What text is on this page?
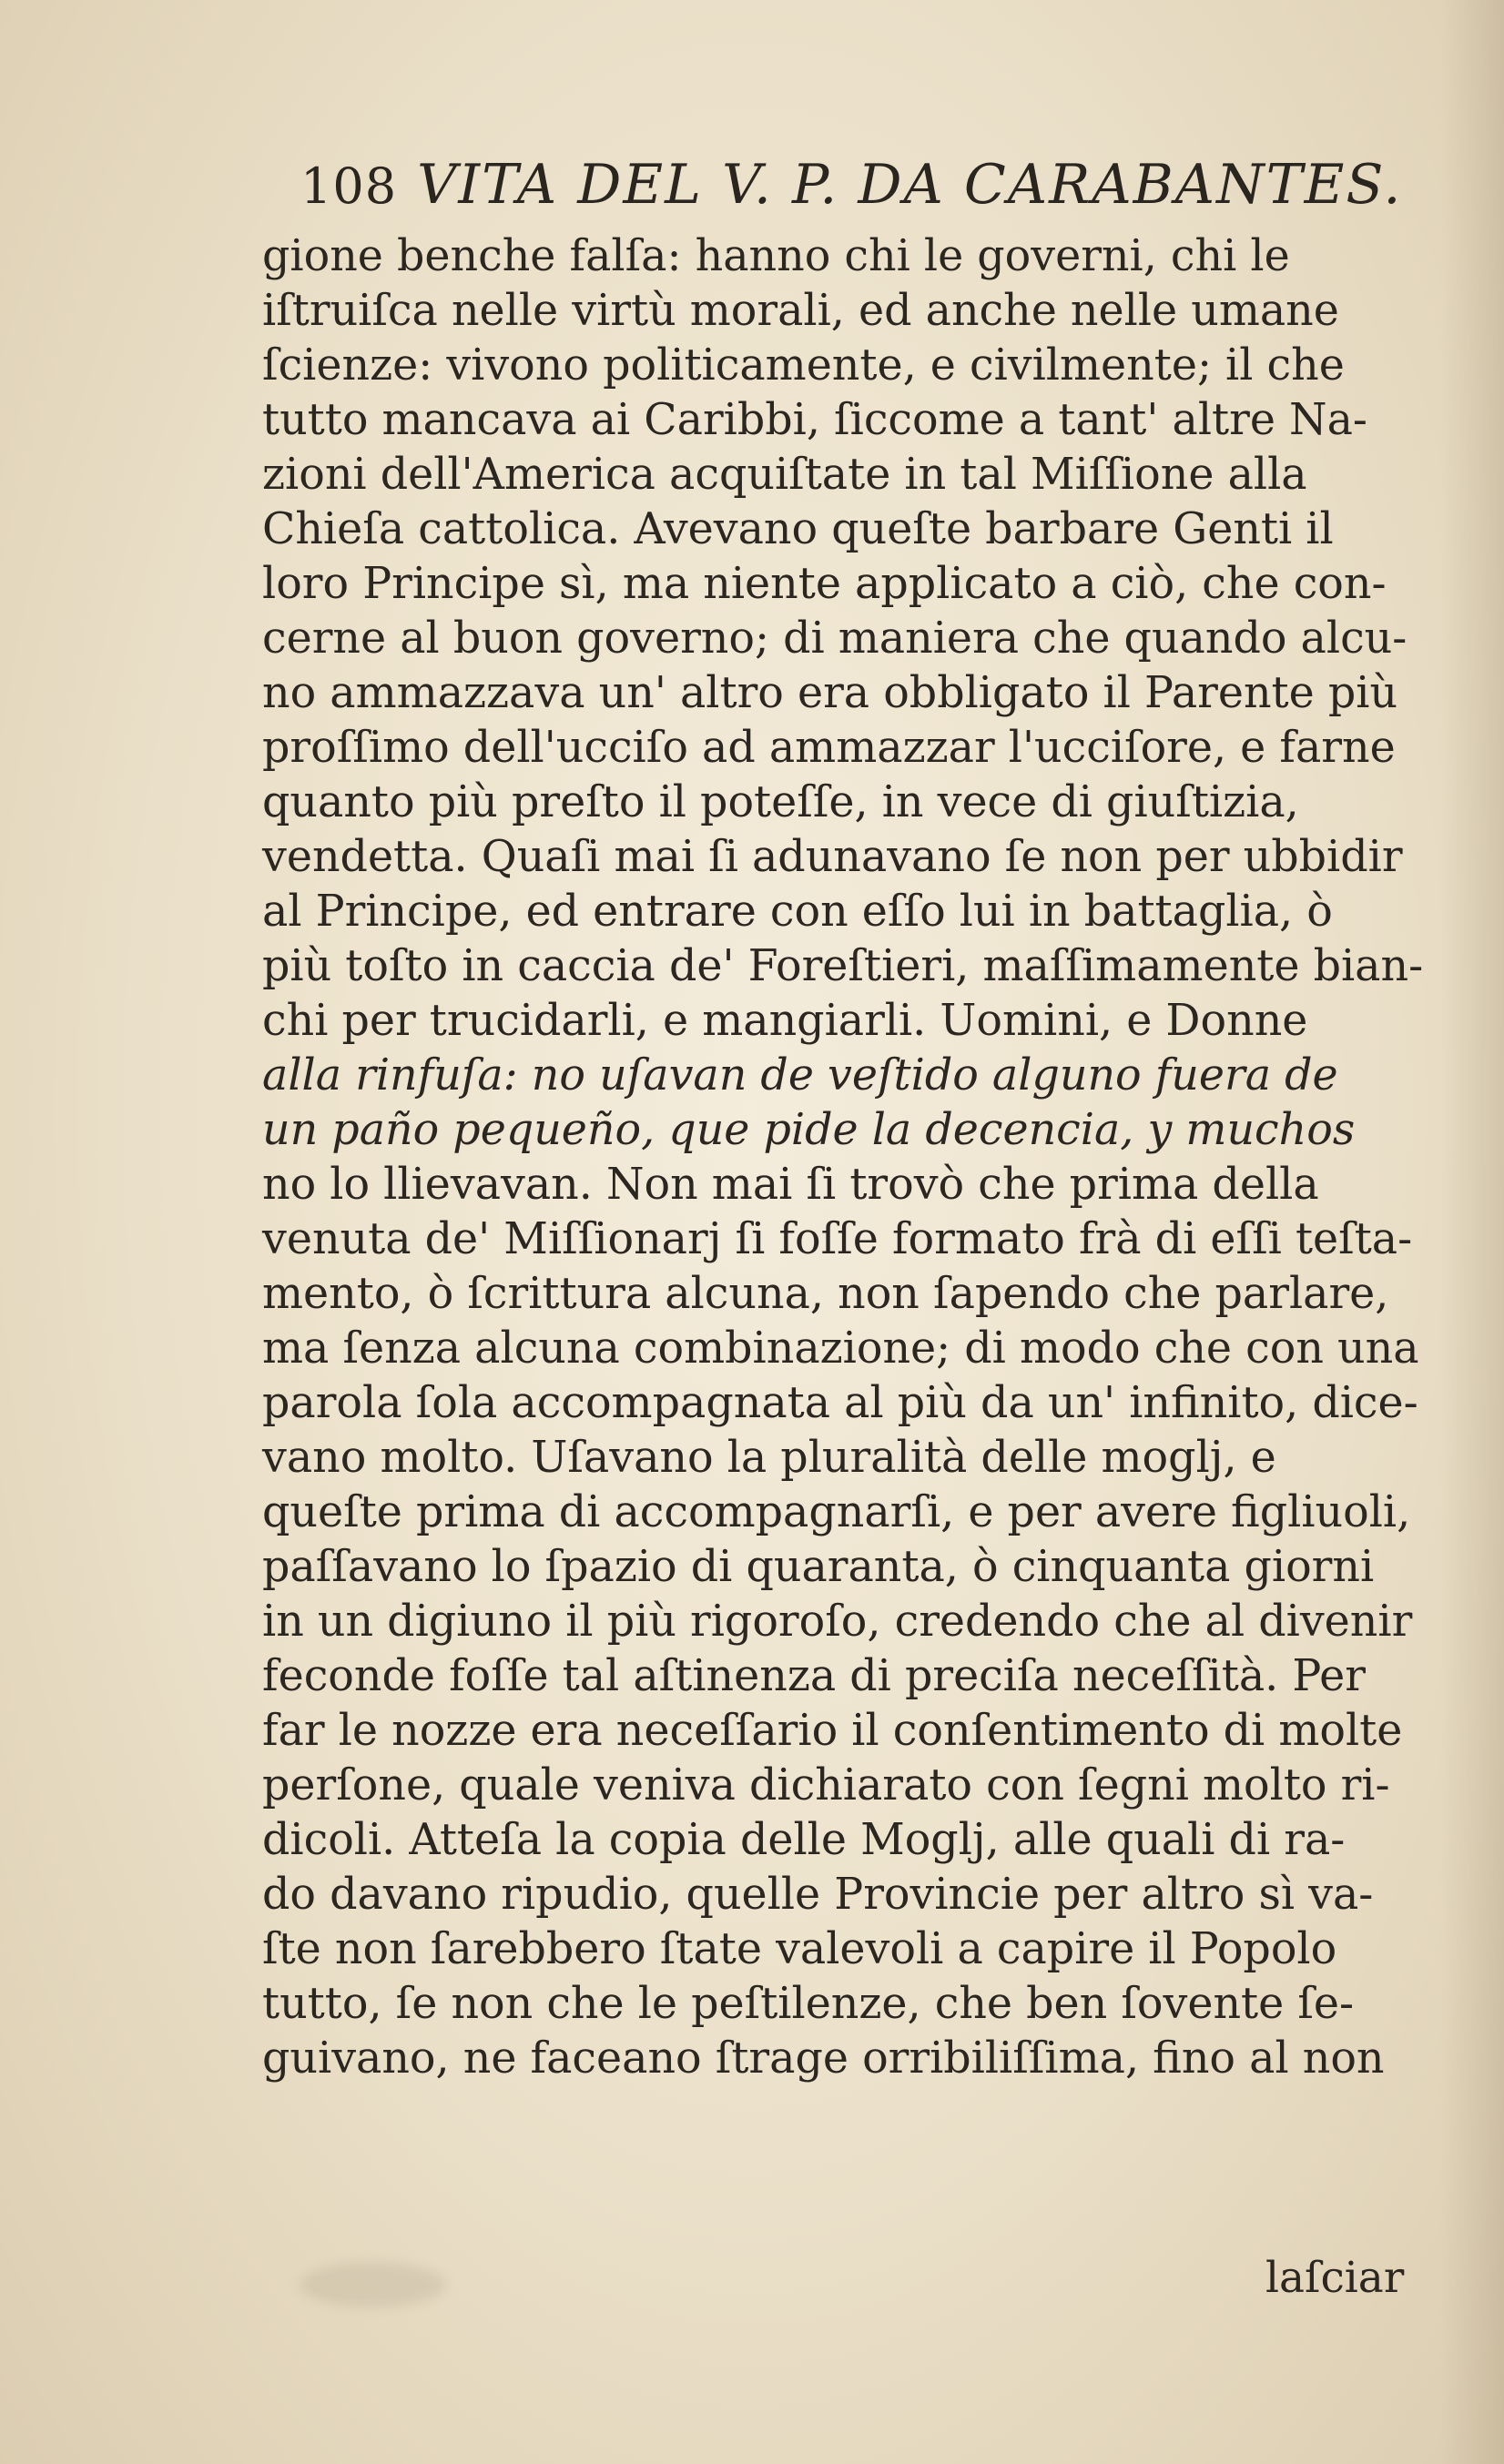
108 VITA DEL V. P. DA CARABANTES.
gione benche falſa: hanno chi le governi, chi le
iſtruiſca nelle virtù morali, ed anche nelle umane
ſcienze: vivono politicamente, e civilmente; il che
tutto mancava ai Caribbi, ſiccome a tant' altre Na-
zioni dell'America acquiſtate in tal Miſſione alla
Chieſa cattolica. Avevano queſte barbare Genti il
loro Principe sì, ma niente applicato a ciò, che con-
cerne al buon governo; di maniera che quando alcu-
no ammazzava un' altro era obbligato il Parente più
proſſimo dell'ucciſo ad ammazzar l'ucciſore, e farne
quanto più preſto il poteſſe, in vece di giuſtizia,
vendetta. Quaſi mai ſi adunavano ſe non per ubbidir
al Principe, ed entrare con eſſo lui in battaglia, ò
più toſto in caccia de' Foreſtieri, maſſimamente bian-
chi per trucidarli, e mangiarli. Uomini, e Donne
alla rinfuſa: no uſavan de veſtido alguno fuera de
un paño pequeño, que pide la decencia, y muchos
no lo llievavan. Non mai ſi trovò che prima della
venuta de' Miſſionarj ſi foſſe formato frà di eſſi teſta-
mento, ò ſcrittura alcuna, non ſapendo che parlare,
ma ſenza alcuna combinazione; di modo che con una
parola ſola accompagnata al più da un' infinito, dice-
vano molto. Uſavano la pluralità delle moglj, e
queſte prima di accompagnarſi, e per avere figliuoli,
paſſavano lo ſpazio di quaranta, ò cinquanta giorni
in un digiuno il più rigoroſo, credendo che al divenir
feconde foſſe tal aſtinenza di preciſa neceſſità. Per
far le nozze era neceſſario il conſentimento di molte
perſone, quale veniva dichiarato con ſegni molto ri-
dicoli. Atteſa la copia delle Moglj, alle quali di ra-
do davano ripudio, quelle Provincie per altro sì va-
ſte non ſarebbero ſtate valevoli a capire il Popolo
tutto, ſe non che le peſtilenze, che ben ſovente ſe-
guivano, ne faceano ſtrage orribiliſſima, fino al non
laſciar
